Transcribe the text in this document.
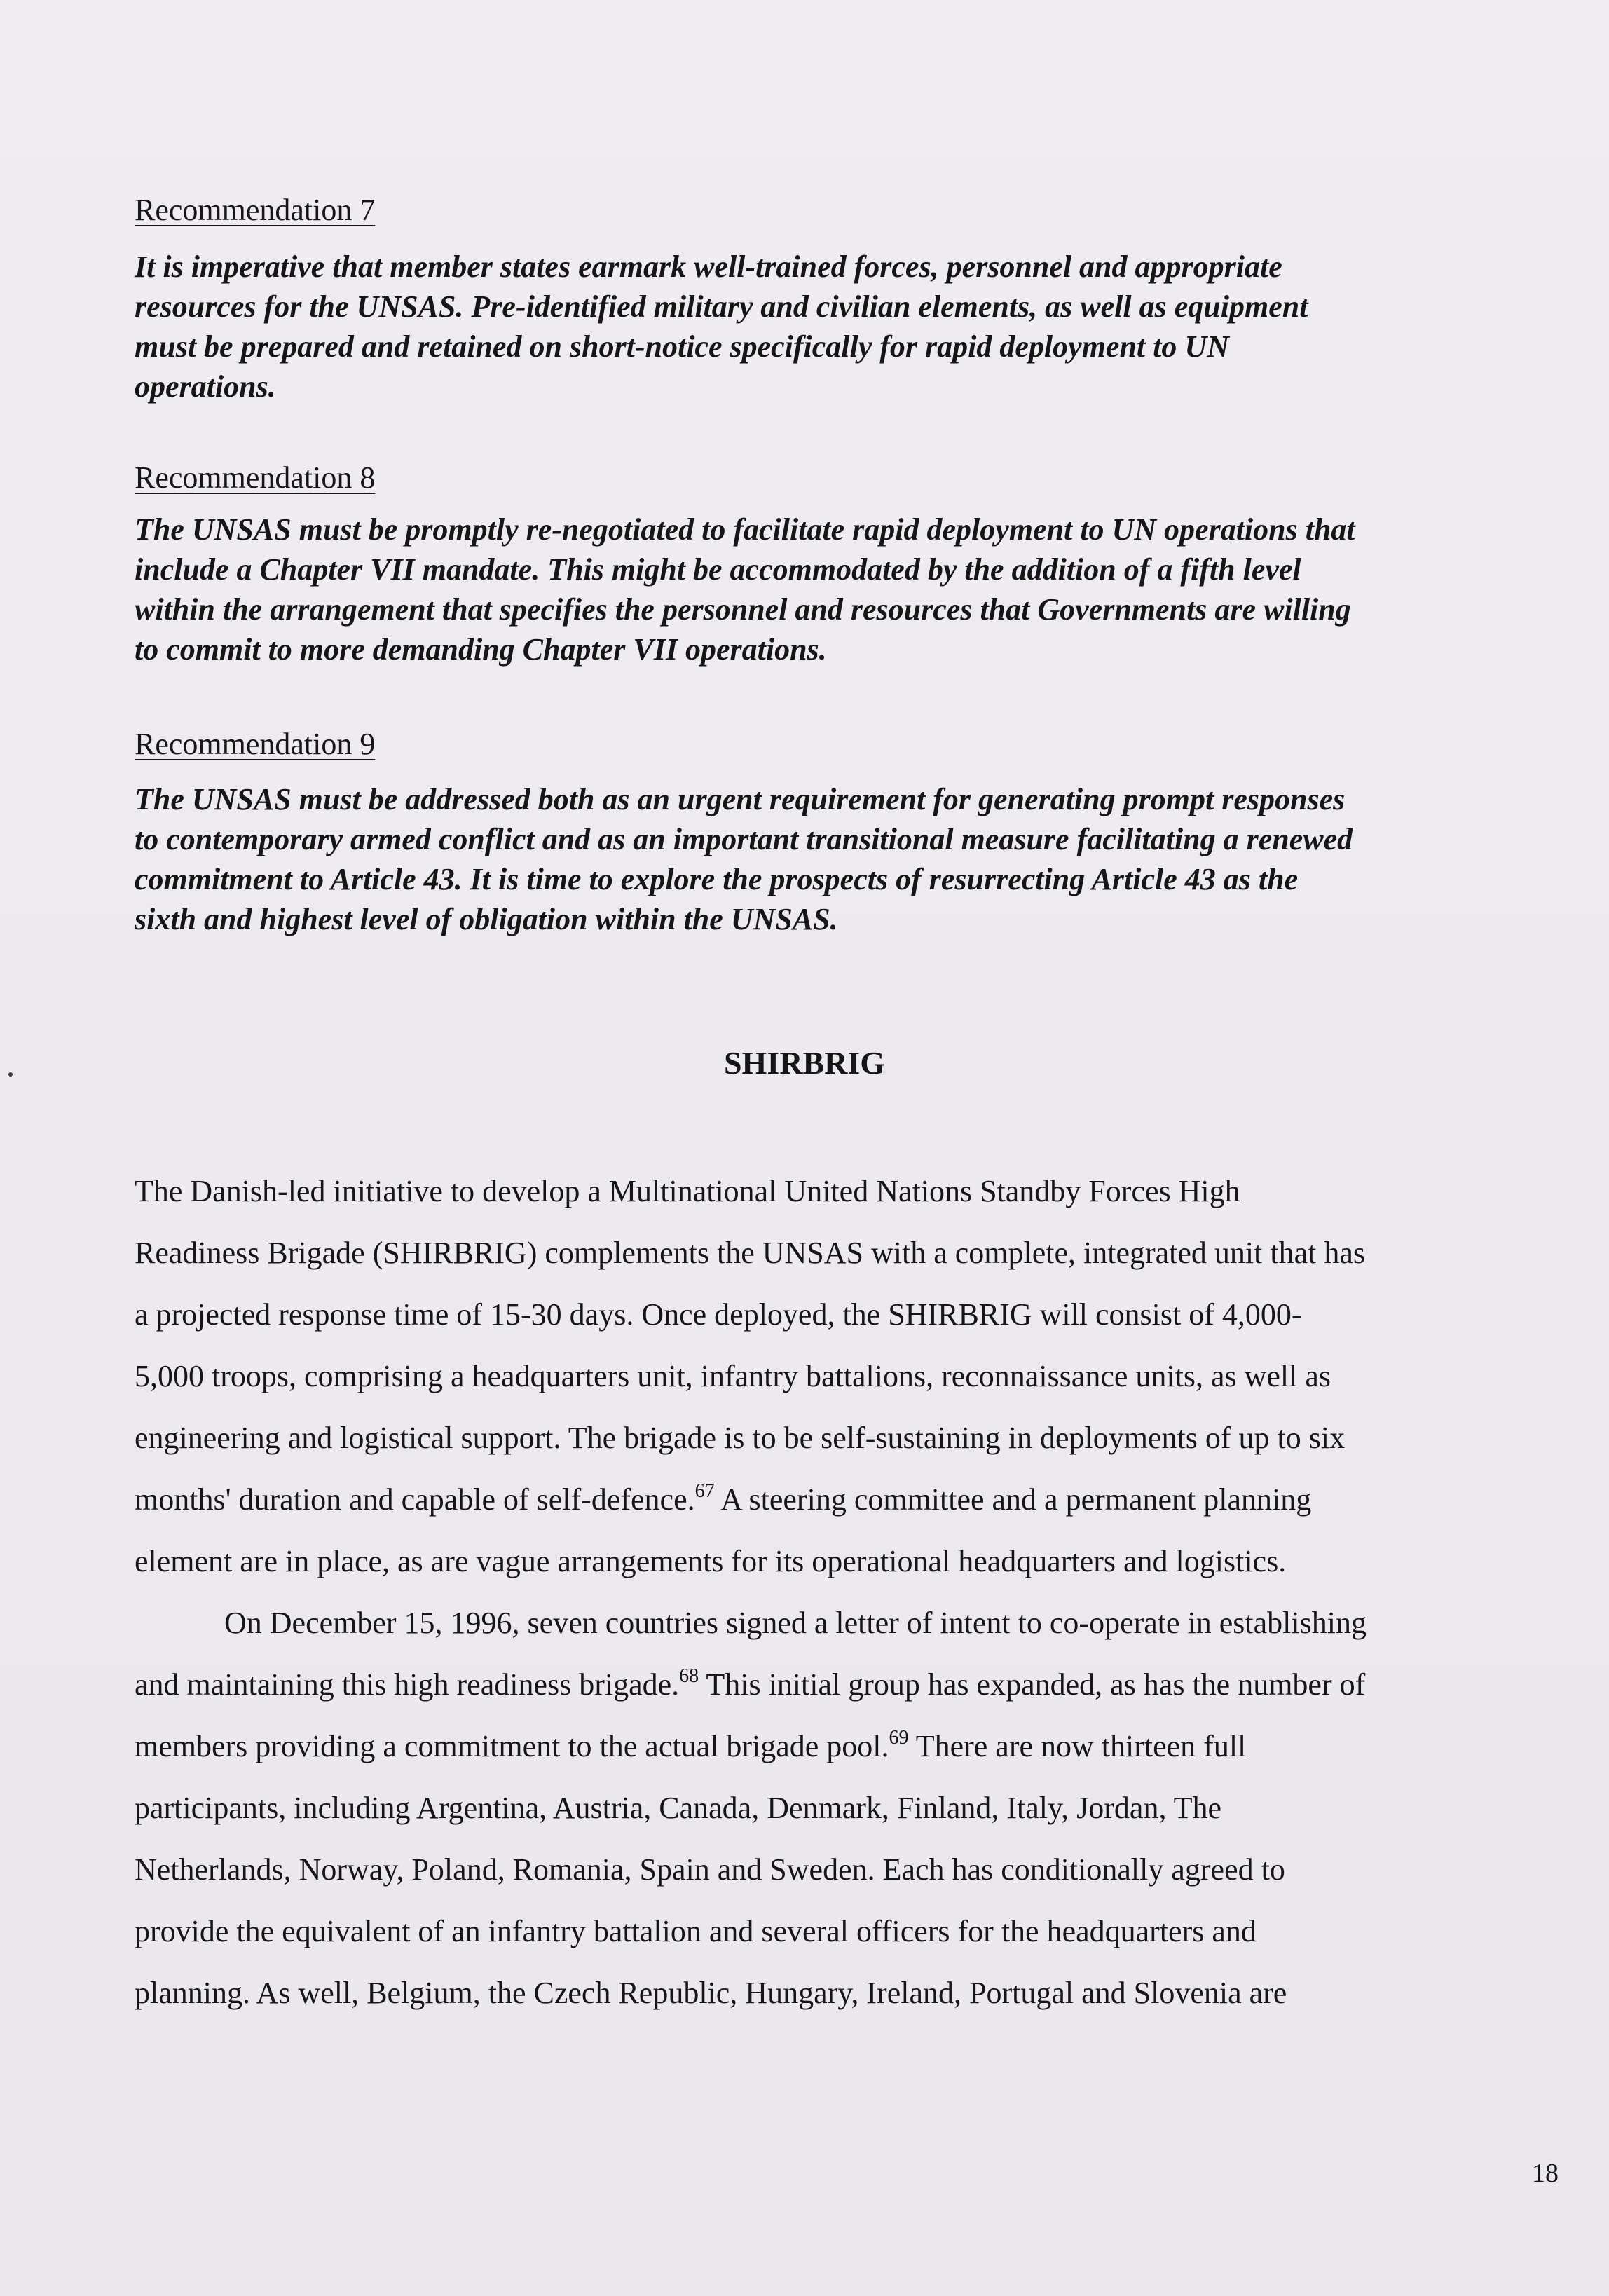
Recommendation 7
It is imperative that member states earmark well-trained forces, personnel and appropriate
resources for the UNSAS. Pre-identified military and civilian elements, as well as equipment
must be prepared and retained on short-notice specifically for rapid deployment to UN
operations.
Recommendation 8
The UNSAS must be promptly re-negotiated to facilitate rapid deployment to UN operations that
include a Chapter VII mandate. This might be accommodated by the addition of a fifth level
within the arrangement that specifies the personnel and resources that Governments are willing
to commit to more demanding Chapter VII operations.
Recommendation 9
The UNSAS must be addressed both as an urgent requirement for generating prompt responses
to contemporary armed conflict and as an important transitional measure facilitating a renewed
commitment to Article 43. It is time to explore the prospects of resurrecting Article 43 as the
sixth and highest level of obligation within the UNSAS.
SHIRBRIG
The Danish-led initiative to develop a Multinational United Nations Standby Forces High
Readiness Brigade (SHIRBRIG) complements the UNSAS with a complete, integrated unit that has
a projected response time of 15-30 days. Once deployed, the SHIRBRIG will consist of 4,000-
5,000 troops, comprising a headquarters unit, infantry battalions, reconnaissance units, as well as
engineering and logistical support. The brigade is to be self-sustaining in deployments of up to six
months' duration and capable of self-defence.$^{67}$ A steering committee and a permanent planning
element are in place, as are vague arrangements for its operational headquarters and logistics.
On December 15, 1996, seven countries signed a letter of intent to co-operate in establishing
and maintaining this high readiness brigade.$^{68}$ This initial group has expanded, as has the number of
members providing a commitment to the actual brigade pool.$^{69}$ There are now thirteen full
participants, including Argentina, Austria, Canada, Denmark, Finland, Italy, Jordan, The
Netherlands, Norway, Poland, Romania, Spain and Sweden. Each has conditionally agreed to
provide the equivalent of an infantry battalion and several officers for the headquarters and
planning. As well, Belgium, the Czech Republic, Hungary, Ireland, Portugal and Slovenia are
18
